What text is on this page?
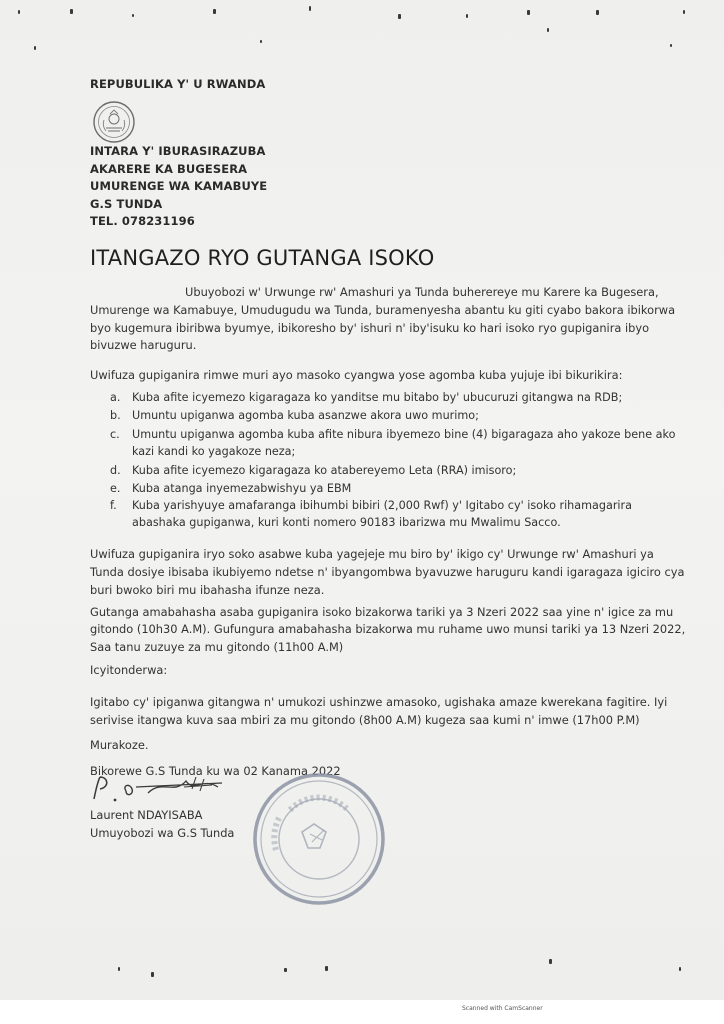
REPUBULIKA Y' U RWANDA
INTARA Y' IBURASIRAZUBA
AKARERE KA BUGESERA
UMURENGE WA KAMABUYE
G.S TUNDA
TEL. 078231196
ITANGAZO RYO GUTANGA ISOKO
Ubuyobozi w' Urwunge rw' Amashuri ya Tunda buherereye mu Karere ka Bugesera,
Umurenge wa Kamabuye, Umudugudu wa Tunda, buramenyesha abantu ku giti cyabo bakora ibikorwa
byo kugemura ibiribwa byumye, ibikoresho by' ishuri n' iby'isuku ko hari isoko ryo gupiganira ibyo
bivuzwe haruguru.
Uwifuza gupiganira rimwe muri ayo masoko cyangwa yose agomba kuba yujuje ibi bikurikira:
a. Kuba afite icyemezo kigaragaza ko yanditse mu bitabo by' ubucuruzi gitangwa na RDB;
b. Umuntu upiganwa agomba kuba asanzwe akora uwo murimo;
c. Umuntu upiganwa agomba kuba afite nibura ibyemezo bine (4) bigaragaza aho yakoze bene ako
kazi kandi ko yagakoze neza;
d. Kuba afite icyemezo kigaragaza ko atabereyemo Leta (RRA) imisoro;
e. Kuba atanga inyemezabwishyu ya EBM
f. Kuba yarishyuye amafaranga ibihumbi bibiri (2,000 Rwf) y' Igitabo cy' isoko rihamagarira
abashaka gupiganwa, kuri konti nomero 90183 ibarizwa mu Mwalimu Sacco.
Uwifuza gupiganira iryo soko asabwe kuba yagejeje mu biro by' ikigo cy' Urwunge rw' Amashuri ya
Tunda dosiye ibisaba ikubiyemo ndetse n' ibyangombwa byavuzwe haruguru kandi igaragaza igiciro cya
buri bwoko biri mu ibahasha ifunze neza.
Gutanga amabahasha asaba gupiganira isoko bizakorwa tariki ya 3 Nzeri 2022 saa yine n' igice za mu
gitondo (10h30 A.M). Gufungura amabahasha bizakorwa mu ruhame uwo munsi tariki ya 13 Nzeri 2022,
Saa tanu zuzuye za mu gitondo (11h00 A.M)
Icyitonderwa:
Igitabo cy' ipiganwa gitangwa n' umukozi ushinzwe amasoko, ugishaka amaze kwerekana fagitire. Iyi
serivise itangwa kuva saa mbiri za mu gitondo (8h00 A.M) kugeza saa kumi n' imwe (17h00 P.M)
Murakoze.
Bikorewe G.S Tunda ku wa 02 Kanama 2022
Laurent NDAYISABA
Umuyobozi wa G.S Tunda
Scanned with CamScanner
